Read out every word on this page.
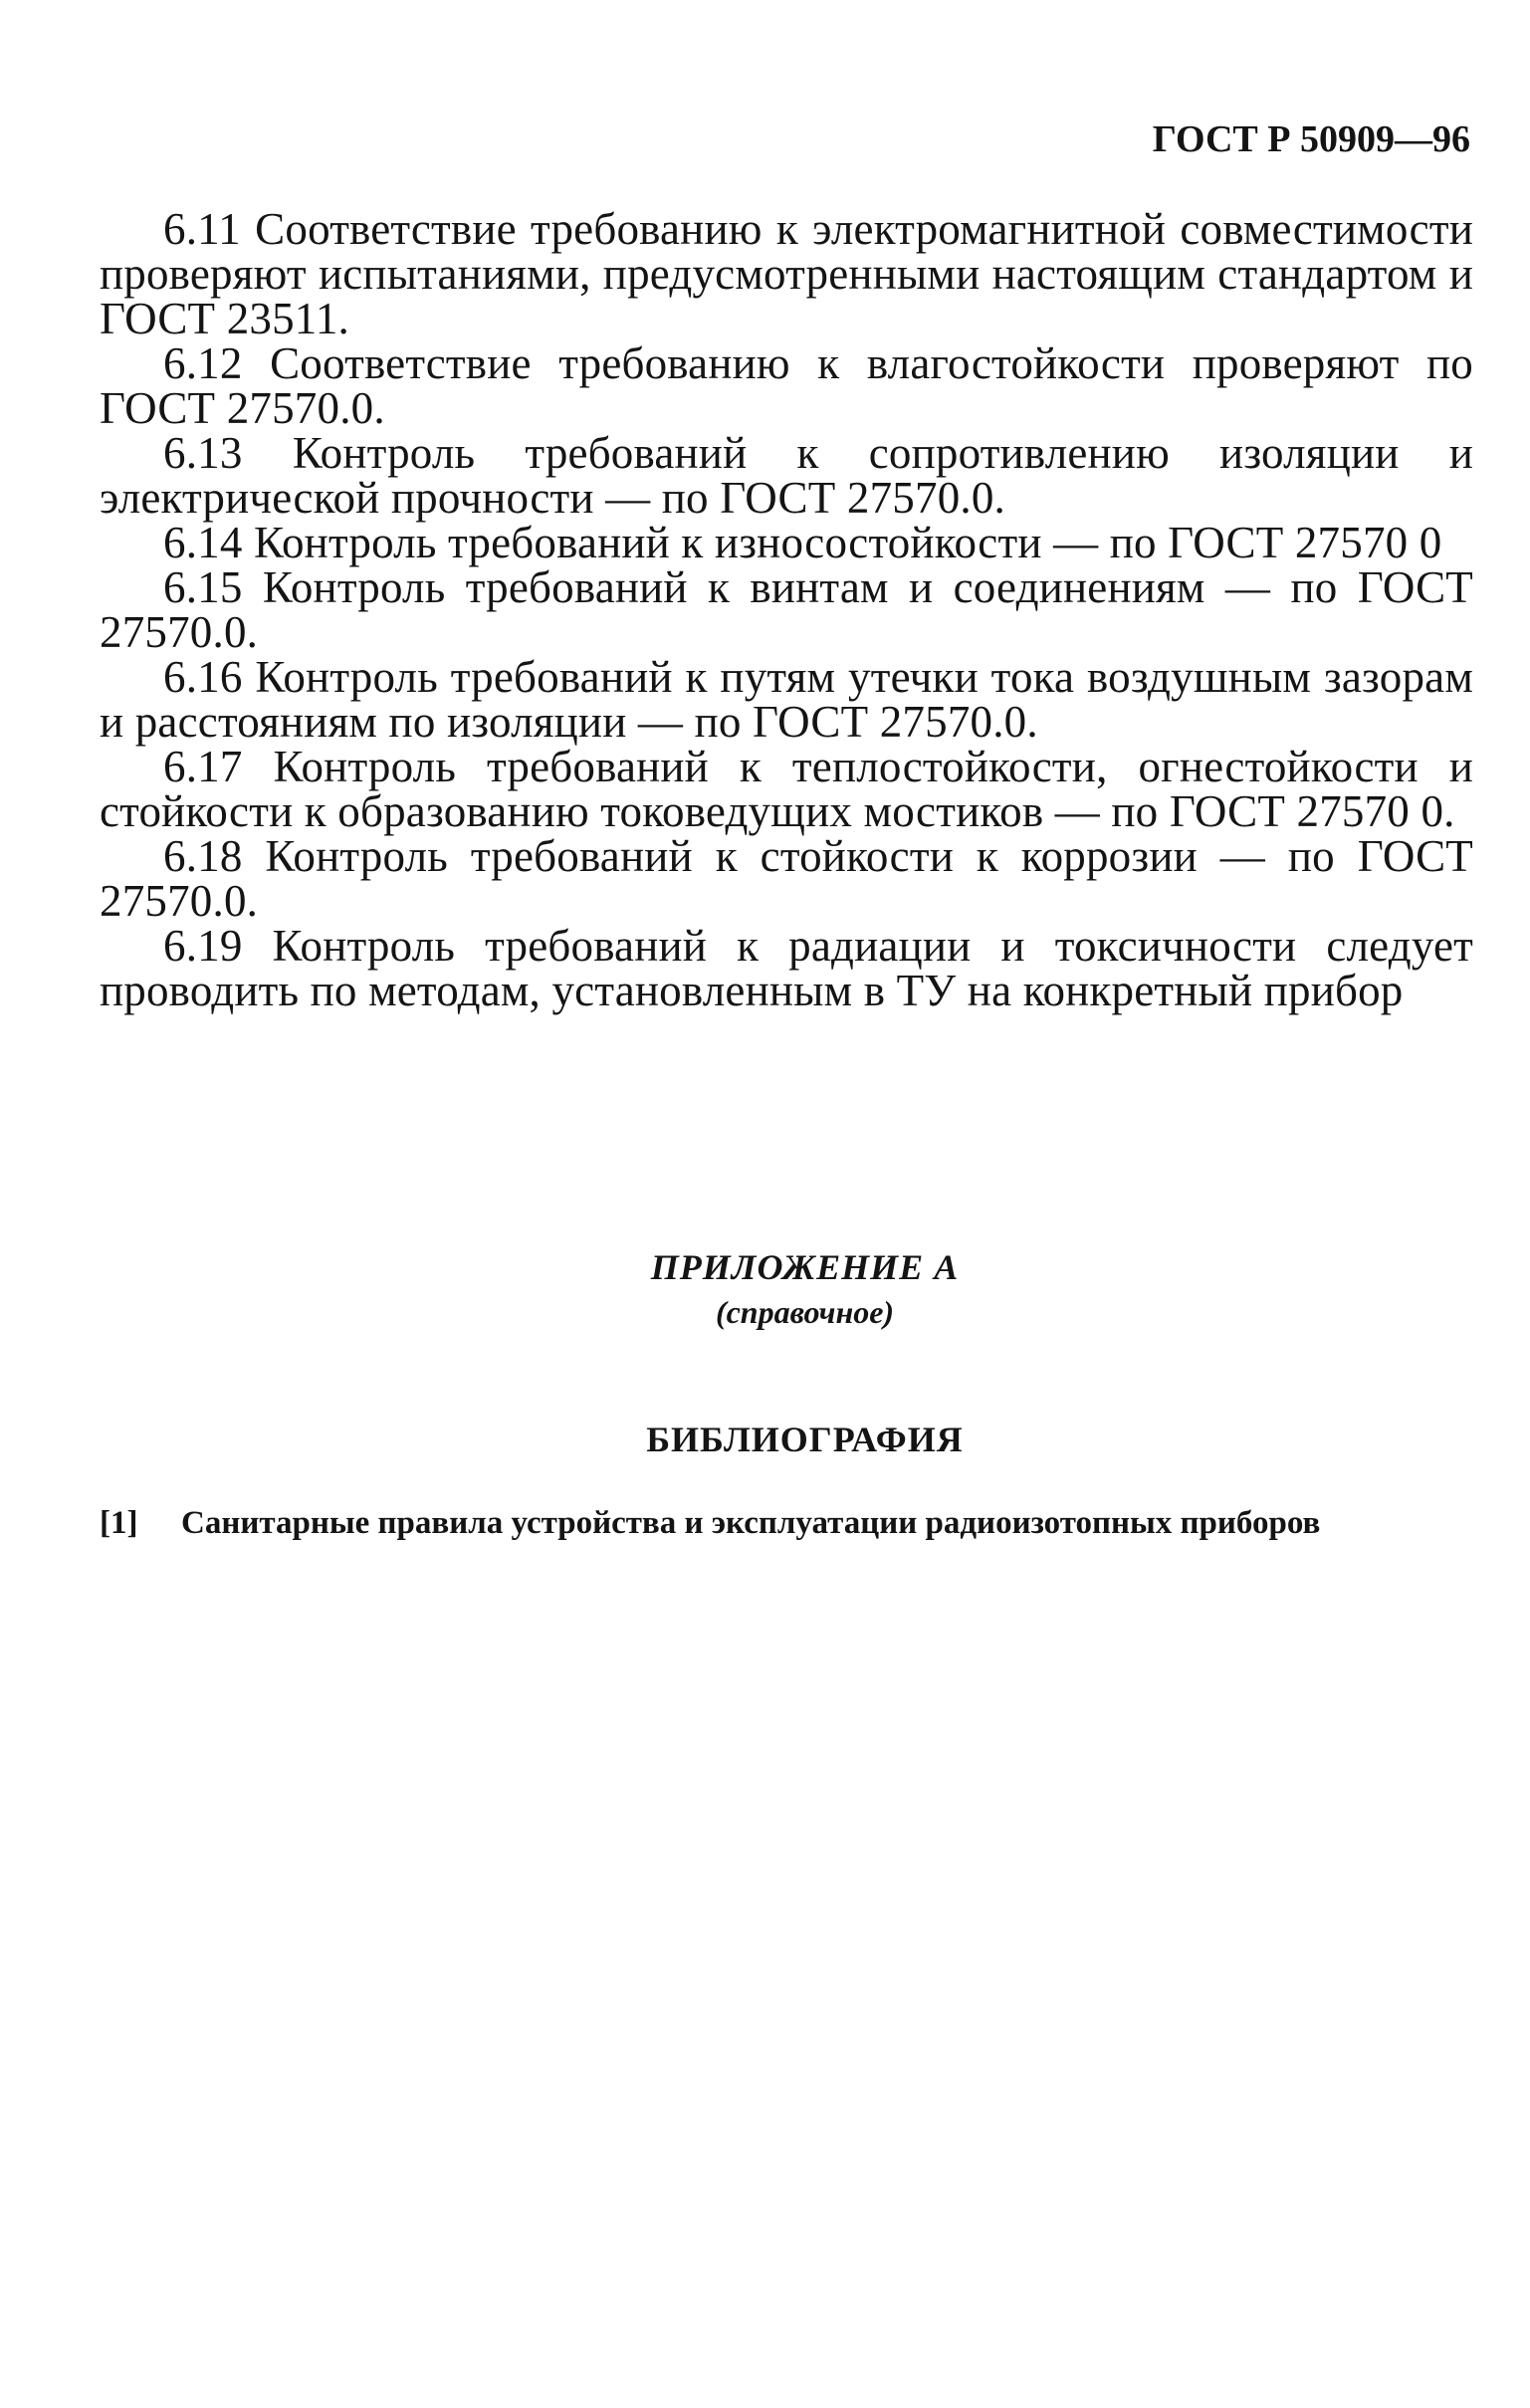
ГОСТ Р 50909—96

6.11 Соответствие требованию к электромагнитной совместимости проверяют испытаниями, предусмотренными настоящим стандартом и ГОСТ 23511.

6.12 Соответствие требованию к влагостойкости проверяют по ГОСТ 27570.0.

6.13 Контроль требований к сопротивлению изоляции и электрической прочности — по ГОСТ 27570.0.

6.14 Контроль требований к износостойкости — по ГОСТ 27570 0

6.15 Контроль требований к винтам и соединениям — по ГОСТ 27570.0.

6.16 Контроль требований к путям утечки тока воздушным зазорам и расстояниям по изоляции — по ГОСТ 27570.0.

6.17 Контроль требований к теплостойкости, огнестойкости и стойкости к образованию токоведущих мостиков — по ГОСТ 27570 0.

6.18 Контроль требований к стойкости к коррозии — по ГОСТ 27570.0.

6.19 Контроль требований к радиации и токсичности следует проводить по методам, установленным в ТУ на конкретный прибор

ПРИЛОЖЕНИЕ А

(справочное)

БИБЛИОГРАФИЯ
[1]	Санитарные правила устройства и эксплуатации радиоизотопных приборов
